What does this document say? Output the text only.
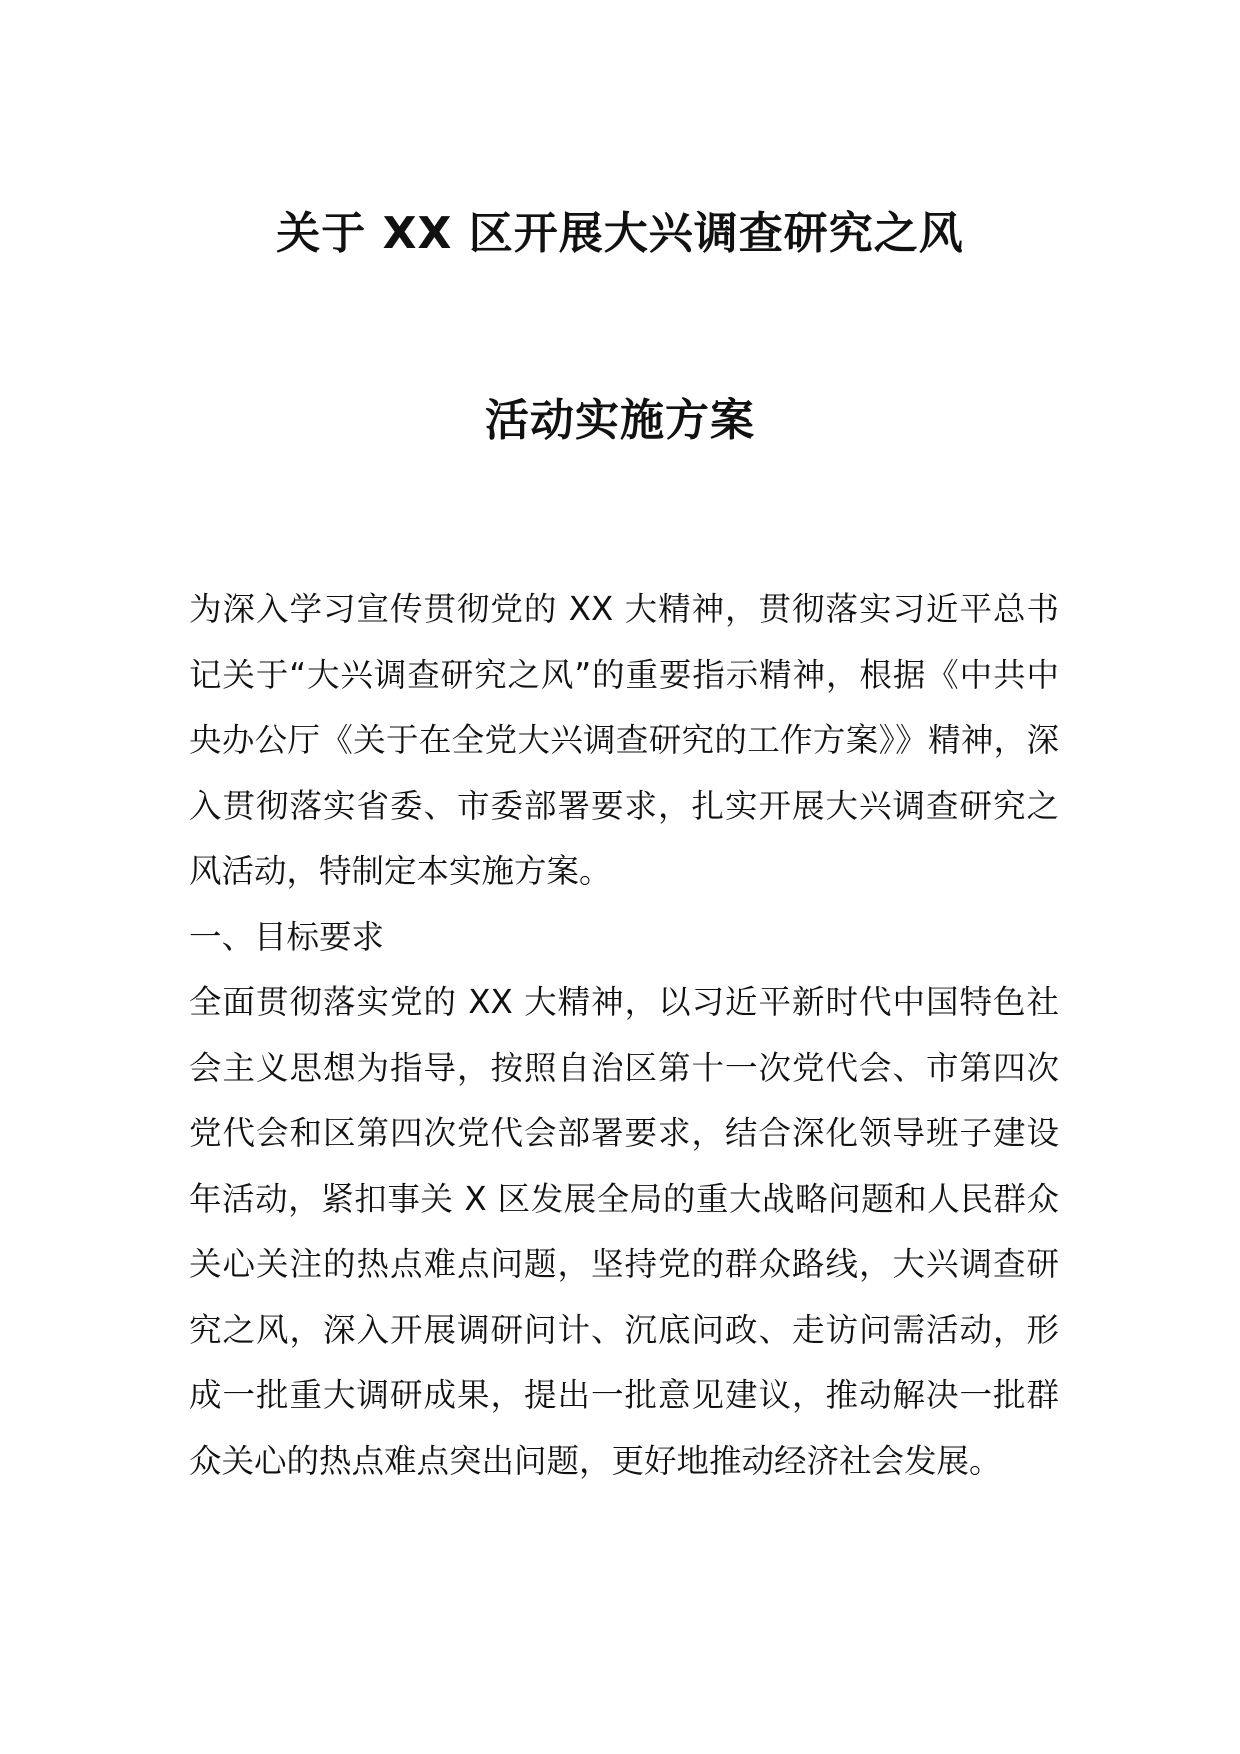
关于 XX 区开展大兴调查研究之风
活动实施方案

为深入学习宣传贯彻党的 XX 大精神，贯彻落实习近平总书记关于“大兴调查研究之风”的重要指示精神，根据《中共中央办公厅《关于在全党大兴调查研究的工作方案》》精神，深入贯彻落实省委、市委部署要求，扎实开展大兴调查研究之风活动，特制定本实施方案。

一、目标要求

全面贯彻落实党的 XX 大精神，以习近平新时代中国特色社会主义思想为指导，按照自治区第十一次党代会、市第四次党代会和区第四次党代会部署要求，结合深化领导班子建设年活动，紧扣事关 X 区发展全局的重大战略问题和人民群众关心关注的热点难点问题，坚持党的群众路线，大兴调查研究之风，深入开展调研问计、沉底问政、走访问需活动，形成一批重大调研成果，提出一批意见建议，推动解决一批群众关心的热点难点突出问题，更好地推动经济社会发展。
